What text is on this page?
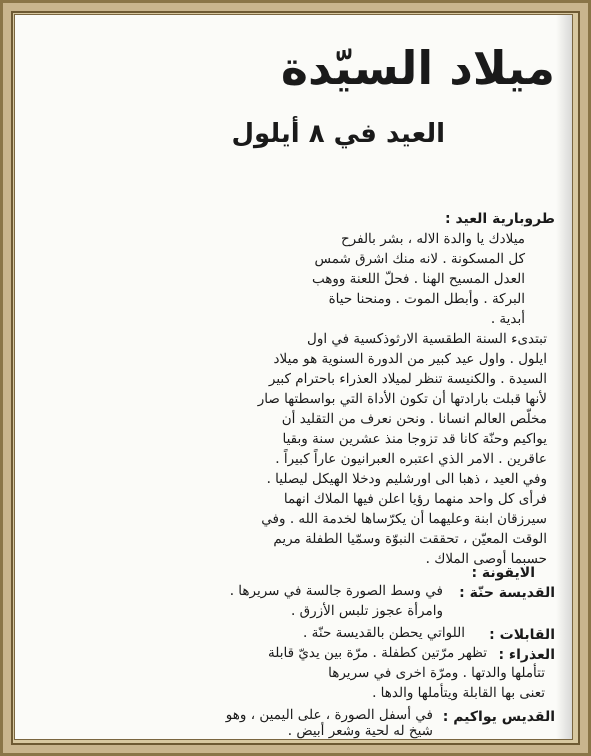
ميلاد السيّدة
العيد في ٨ أيلول
طروبارية العيد :
ميلادك يا والدة الاله ، بشر بالفرح
كل المسكونة . لانه منك اشرق شمس
العدل المسيح الهنا . فحلّ اللعنة ووهب
البركة . وأبطل الموت . ومنحنا حياة
أبدية .
تبتدىء السنة الطقسية الارثوذكسية في اول
ايلول . واول عيد كبير من الدورة السنوية هو ميلاد
السيدة . والكنيسة تنظر لميلاد العذراء باحترام كبير
لأنها قبلت بارادتها أن تكون الأداة التي بواسطتها صار
مخلّص العالم انسانا . ونحن نعرف من التقليد أن
يواكيم وحنّة كانا قد تزوجا منذ عشرين سنة وبقيا
عاقرين . الامر الذي اعتبره العبرانيون عاراً كبيراً .
وفي العيد ، ذهبا الى اورشليم ودخلا الهيكل ليصليا .
فرأى كل واحد منهما رؤيا اعلن فيها الملاك انهما
سيرزقان ابنة وعليهما أن يكرّساها لخدمة الله . وفي
الوقت المعيّن ، تحققت النبوّة وسمّيا الطفلة مريم
حسبما أوصى الملاك .
الايقونة :
القديسة حنّة :
في وسط الصورة جالسة في سريرها .
وامرأة عجوز تلبس الأزرق .
القابلات :
اللواتي يحطن بالقديسة حنّة .
العذراء :
تظهر مرّتين كطفلة . مرّة بين يديّ قابلة
تتأملها والدتها . ومرّة اخرى في سريرها
تعنى بها القابلة ويتأملها والدها .
القديس يواكيم :
في أسفل الصورة ، على اليمين ، وهو
شيخ له لحية وشعر أبيض .
